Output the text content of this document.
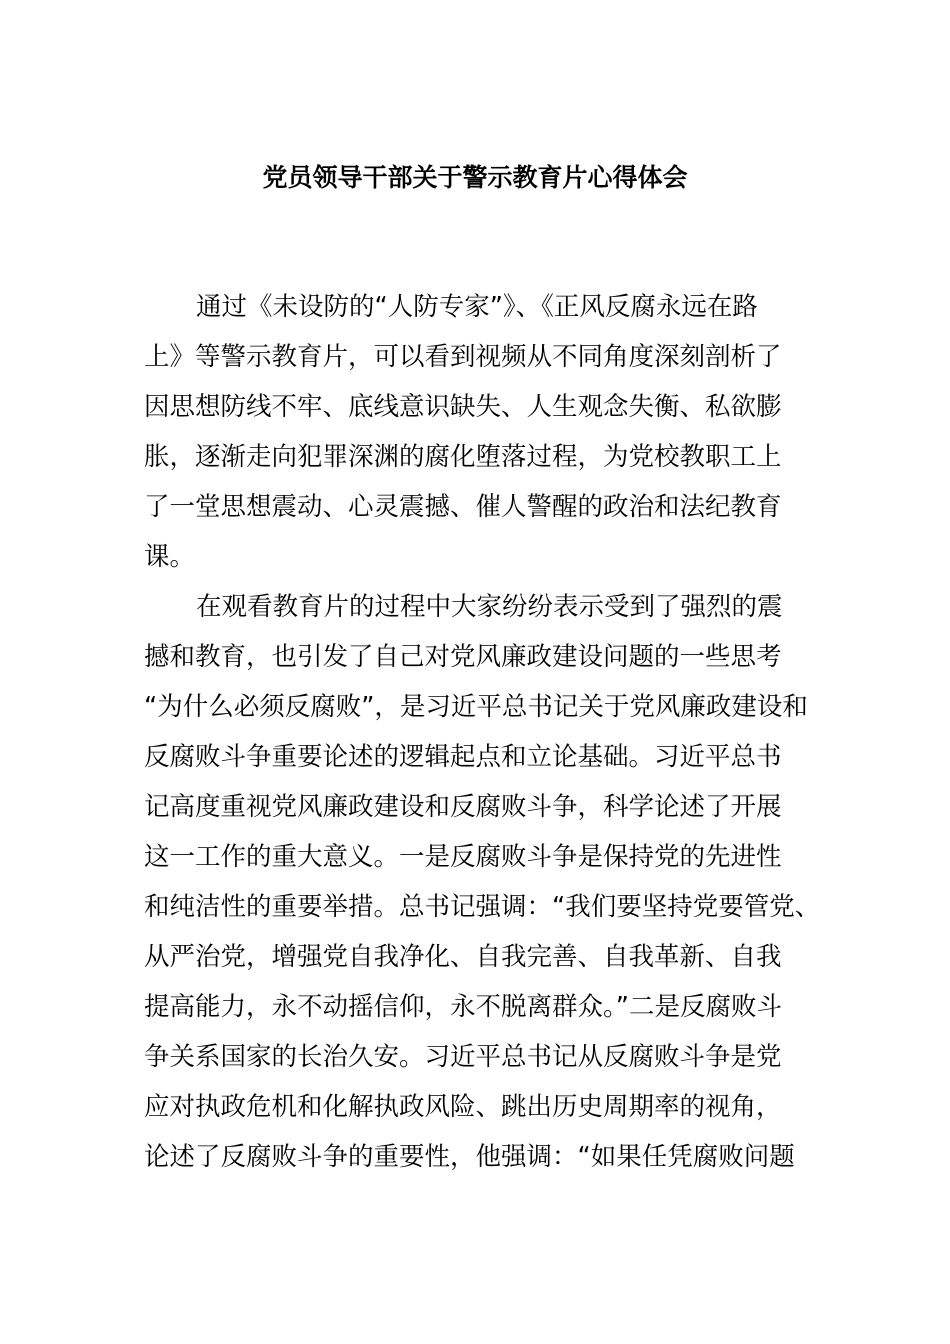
党员领导干部关于警示教育片心得体会
通过《未设防的“人防专家”》、《正风反腐永远在路
上》等警示教育片，可以看到视频从不同角度深刻剖析了
因思想防线不牢、底线意识缺失、人生观念失衡、私欲膨
胀，逐渐走向犯罪深渊的腐化堕落过程，为党校教职工上
了一堂思想震动、心灵震撼、催人警醒的政治和法纪教育
课。
在观看教育片的过程中大家纷纷表示受到了强烈的震
撼和教育，也引发了自己对党风廉政建设问题的一些思考
“为什么必须反腐败”，是习近平总书记关于党风廉政建设和
反腐败斗争重要论述的逻辑起点和立论基础。习近平总书
记高度重视党风廉政建设和反腐败斗争，科学论述了开展
这一工作的重大意义。一是反腐败斗争是保持党的先进性
和纯洁性的重要举措。总书记强调：“我们要坚持党要管党、
从严治党，增强党自我净化、自我完善、自我革新、自我
提高能力，永不动摇信仰，永不脱离群众。”二是反腐败斗
争关系国家的长治久安。习近平总书记从反腐败斗争是党
应对执政危机和化解执政风险、跳出历史周期率的视角，
论述了反腐败斗争的重要性，他强调：“如果任凭腐败问题
